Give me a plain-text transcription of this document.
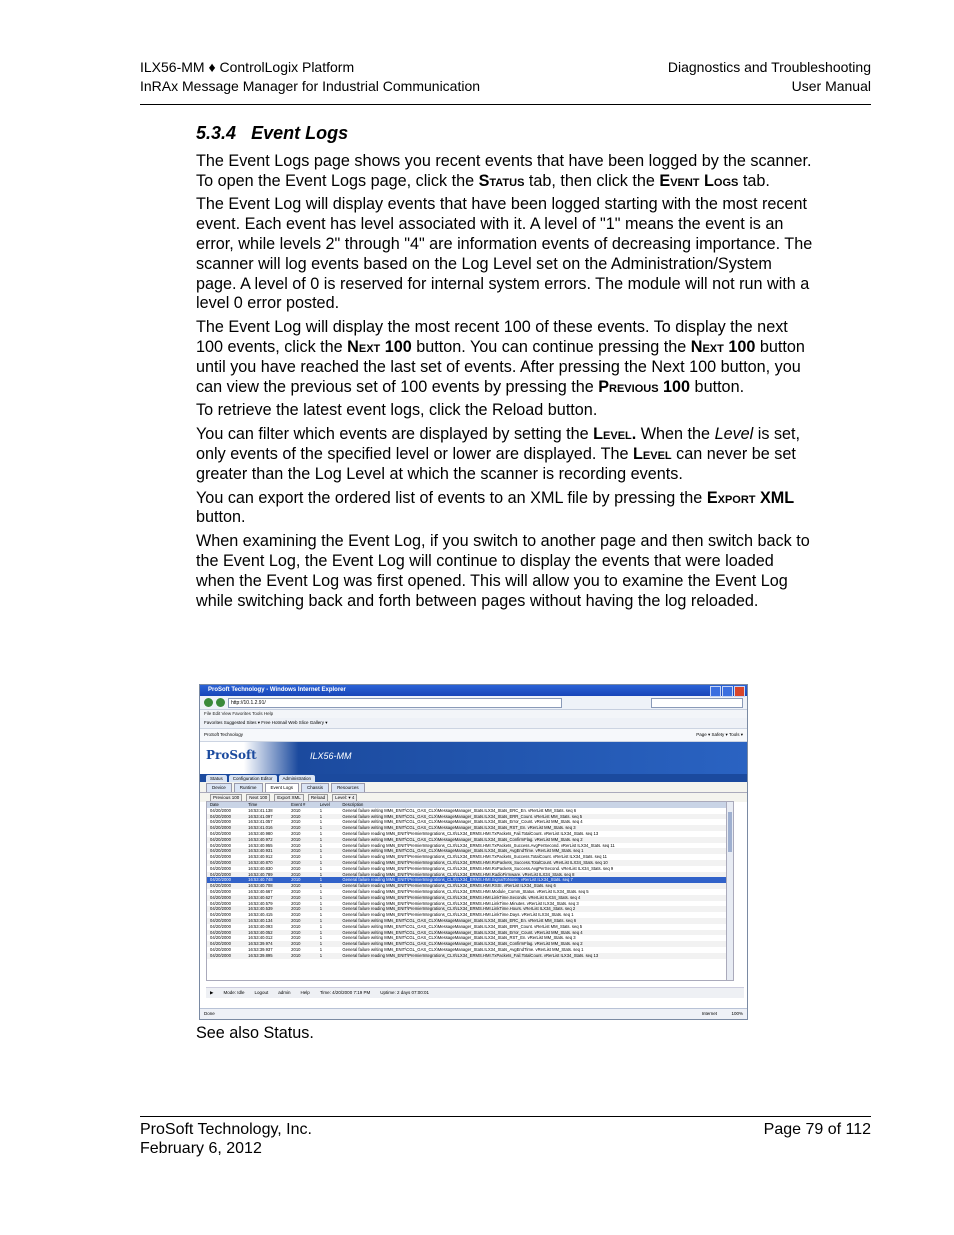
ILX56-MM ♦ ControlLogix Platform
InRAx Message Manager for Industrial Communication
Diagnostics and Troubleshooting
User Manual
5.3.4 Event Logs

The Event Logs page shows you recent events that have been logged by the scanner. To open the Event Logs page, click the Status tab, then click the Event Logs tab.

The Event Log will display events that have been logged starting with the most recent event. Each event has level associated with it. A level of "1" means the event is an error, while levels 2" through "4" are information events of decreasing importance. The scanner will log events based on the Log Level set on the Administration/System page. A level of 0 is reserved for internal system errors. The module will not run with a level 0 error posted.

The Event Log will display the most recent 100 of these events. To display the next 100 events, click the Next 100 button. You can continue pressing the Next 100 button until you have reached the last set of events. After pressing the Next 100 button, you can view the previous set of 100 events by pressing the Previous 100 button.

To retrieve the latest event logs, click the Reload button.

You can filter which events are displayed by setting the Level. When the Level is set, only events of the specified level or lower are displayed. The Level can never be set greater than the Log Level at which the scanner is recording events.

You can export the ordered list of events to an XML file by pressing the Export XML button.

When examining the Event Log, if you switch to another page and then switch back to the Event Log, the Event Log will continue to display the events that were loaded when the Event Log was first opened. This will allow you to examine the Event Log while switching back and forth between pages without having the log reloaded.

ProSoft Technology - Windows Internet Explorer
http://10.1.2.91/
File Edit View Favorites Tools Help
Favorites Suggested Sites ▾ Free Hotmail Web Slice Gallery ▾
ProSoft Technology	Page ▾ Safety ▾ Tools ▾
ProSoft	ILX56-MM
Status	Configuration Editor	Administration
Device	Runtime	Event Logs	Chassis	Resources
Previous 100	Next 100	Export XML	Reload	Level: ▾ 4
Date	Time	Event #	Level	Description
04/20/2000	16:53:41.138	2010	1	General failure writing MMs_ENIT\CGL_GAS_CLX\MessageManager_Stats.ILX34_Stats_ERC_En. vRerList MM_Stats. seq 6
04/20/2000	16:53:41.097	2010	1	General failure writing MMs_ENIT\CGL_GAS_CLX\MessageManager_Stats.ILX34_Stats_ERR_Count. vRerList MM_Stats. seq 5
04/20/2000	16:53:41.057	2010	1	General failure writing MMs_ENIT\CGL_GAS_CLX\MessageManager_Stats.ILX34_Stats_Error_Count. vRerList MM_Stats. seq 4
04/20/2000	16:53:41.016	2010	1	General failure writing MMs_ENIT\CGL_GAS_CLX\MessageManager_Stats.ILX34_Stats_RST_En. vRerList MM_Stats. seq 3
04/20/2000	16:53:40.980	2010	1	General failure reading MMs_ENIT\PremierIntegrations_CLX\ILX34_ERMS.HMI.TxPackets_Fail.TotalCount. vRerList ILX34_Stats. seq 13
04/20/2000	16:53:40.972	2010	1	General failure writing MMs_ENIT\CGL_GAS_CLX\MessageManager_Stats.ILX34_Stats_ConfirmFlag. vRerList MM_Stats. seq 2
04/20/2000	16:53:40.955	2010	1	General failure reading MMs_ENIT\PremierIntegrations_CLX\ILX34_ERMS.HMI.TxPackets_Success.AvgPerSecond. vRerList ILX34_Stats. seq 11
04/20/2000	16:53:40.931	2010	1	General failure writing MMs_ENIT\CGL_GAS_CLX\MessageManager_Stats.ILX34_Stats_AvgEndTime. vRerList MM_Stats. seq 1
04/20/2000	16:53:40.912	2010	1	General failure reading MMs_ENIT\PremierIntegrations_CLX\ILX34_ERMS.HMI.TxPackets_Success.TotalCount. vRerList ILX34_Stats. seq 11
04/20/2000	16:53:40.870	2010	1	General failure reading MMs_ENIT\PremierIntegrations_CLX\ILX34_ERMS.HMI.RxPackets_Success.TotalCount. vRerList ILX34_Stats. seq 10
04/20/2000	16:53:40.830	2010	1	General failure reading MMs_ENIT\PremierIntegrations_CLX\ILX34_ERMS.HMI.RxPackets_Success.AvgPerSecond. vRerList ILX34_Stats. seq 9
04/20/2000	16:53:40.789	2010	1	General failure reading MMs_ENIT\PremierIntegrations_CLX\ILX34_ERMS.HMI.RadioFirmware. vRerList ILX34_Stats. seq 8
04/20/2000	16:53:40.748	2010	1	General failure reading MMs_ENIT\PremierIntegrations_CLX\ILX34_ERMS.HMI.SignalToNoise. vRerList ILX34_Stats. seq 7
04/20/2000	16:53:40.708	2010	1	General failure reading MMs_ENIT\PremierIntegrations_CLX\ILX34_ERMS.HMI.RSSI. vRerList ILX34_Stats. seq 6
04/20/2000	16:53:40.667	2010	1	General failure reading MMs_ENIT\PremierIntegrations_CLX\ILX34_ERMS.HMI.Module_Comm_Status. vRerList ILX34_Stats. seq 5
04/20/2000	16:53:40.627	2010	1	General failure reading MMs_ENIT\PremierIntegrations_CLX\ILX34_ERMS.HMI.LinkTime.Seconds. vRerList ILX34_Stats. seq 4
04/20/2000	16:53:40.579	2010	1	General failure reading MMs_ENIT\PremierIntegrations_CLX\ILX34_ERMS.HMI.LinkTime.Minutes. vRerList ILX34_Stats. seq 3
04/20/2000	16:53:40.539	2010	1	General failure reading MMs_ENIT\PremierIntegrations_CLX\ILX34_ERMS.HMI.LinkTime.Hours. vRerList ILX34_Stats. seq 2
04/20/2000	16:53:40.415	2010	1	General failure reading MMs_ENIT\PremierIntegrations_CLX\ILX34_ERMS.HMI.LinkTime.Days. vRerList ILX34_Stats. seq 1
04/20/2000	16:53:40.134	2010	1	General failure writing MMs_ENIT\CGL_GAS_CLX\MessageManager_Stats.ILX34_Stats_ERC_En. vRerList MM_Stats. seq 6
04/20/2000	16:53:40.093	2010	1	General failure writing MMs_ENIT\CGL_GAS_CLX\MessageManager_Stats.ILX34_Stats_ERR_Count. vRerList MM_Stats. seq 5
04/20/2000	16:53:40.052	2010	1	General failure writing MMs_ENIT\CGL_GAS_CLX\MessageManager_Stats.ILX34_Stats_Error_Count. vRerList MM_Stats. seq 4
04/20/2000	16:53:40.012	2010	1	General failure writing MMs_ENIT\CGL_GAS_CLX\MessageManager_Stats.ILX34_Stats_RST_En. vRerList MM_Stats. seq 3
04/20/2000	16:53:39.974	2010	1	General failure writing MMs_ENIT\CGL_GAS_CLX\MessageManager_Stats.ILX34_Stats_ConfirmFlag. vRerList MM_Stats. seq 2
04/20/2000	16:53:39.937	2010	1	General failure writing MMs_ENIT\CGL_GAS_CLX\MessageManager_Stats.ILX34_Stats_AvgEndTime. vRerList MM_Stats. seq 1
04/20/2000	16:53:39.895	2010	1	General failure reading MMs_ENIT\PremierIntegrations_CLX\ILX34_ERMS.HMI.TxPackets_Fail.TotalCount. vRerList ILX34_Stats. seq 13
▶ Mode: Idle Logout admin Help Time: 4/20/2000 7:19 PM Uptime: 2 days 07:00:01
Done	Internet	100%
See also Status.
ProSoft Technology, Inc.
February 6, 2012
Page 79 of 112
